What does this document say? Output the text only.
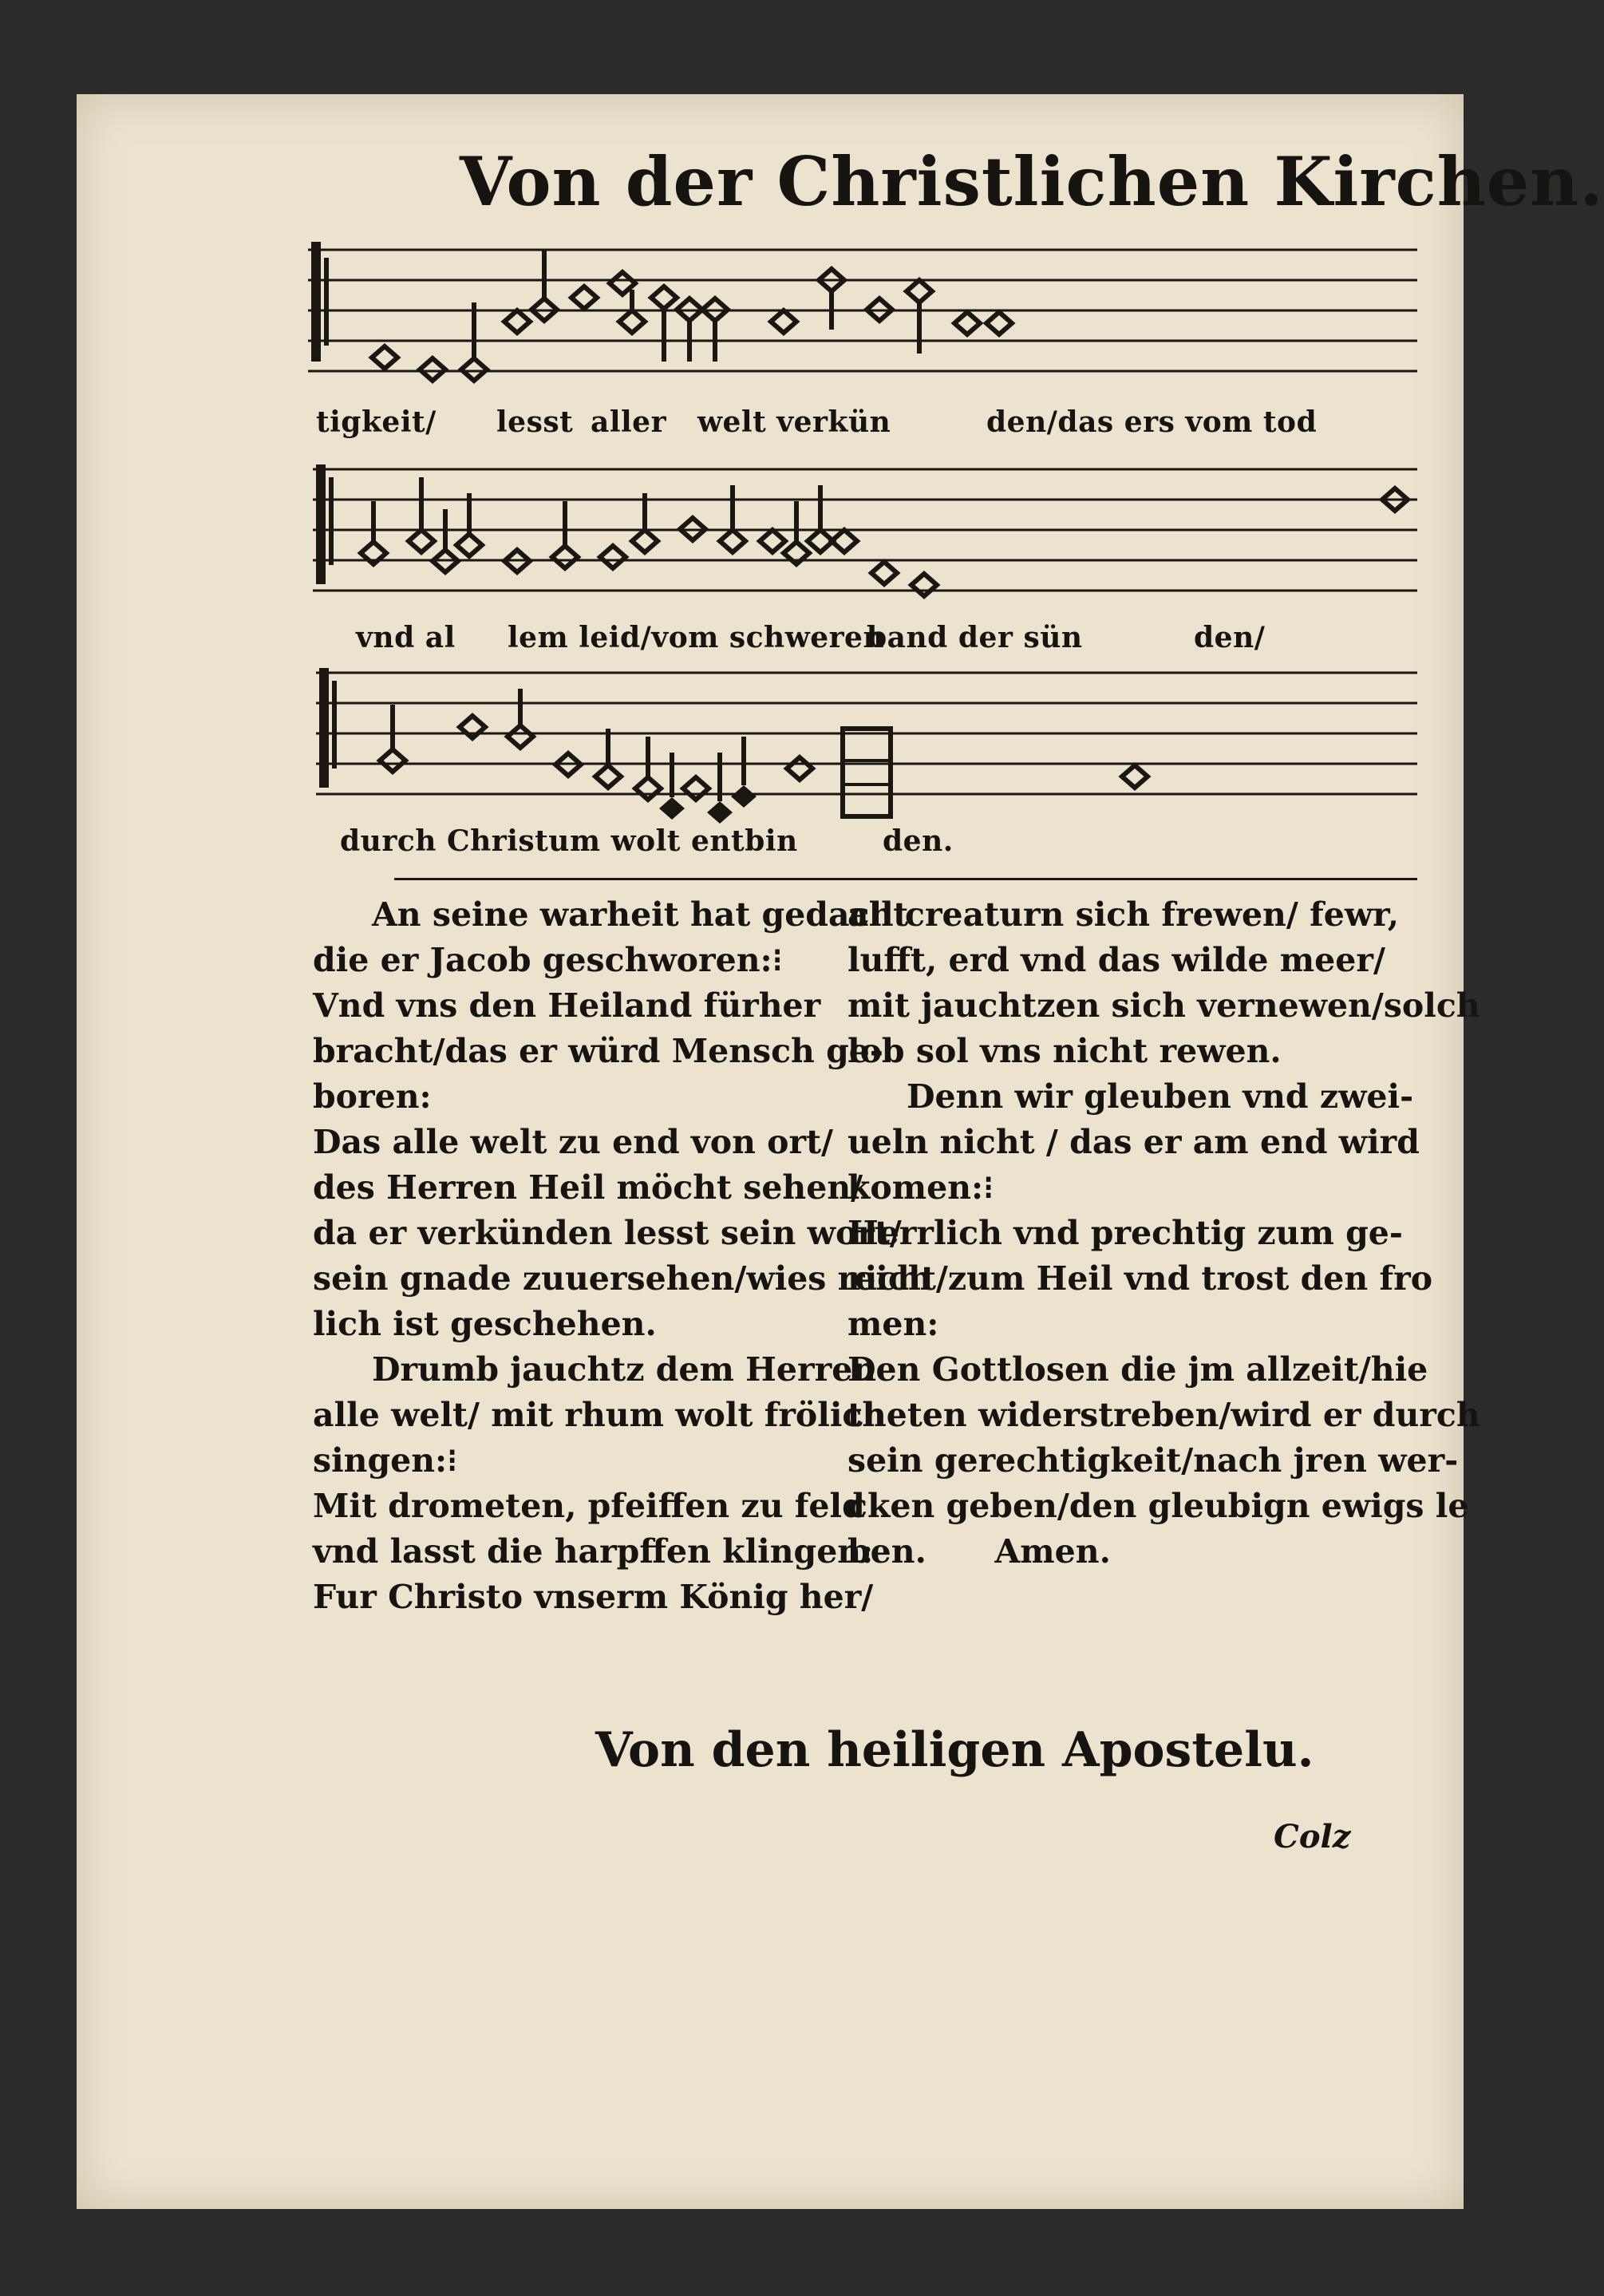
Von der Christlichen Kirchen.
tigkeit/ lesst aller welt verkün	den/das ers vom tod
vnd al lem leid/vom schweren
band der sün	den/
durch Christum wolt entbin	den.
An seine warheit hat gedacht
die er Jacob geschworen:⁝
Vnd vns den Heiland fürher
bracht/das er würd Mensch ge-
boren:
Das alle welt zu end von ort/
des Herren Heil möcht sehen/
da er verkünden lesst sein wort/
sein gnade zuuersehen/wies reich
lich ist geschehen.
Drumb jauchtz dem Herren
alle welt/ mit rhum wolt frölich
singen:⁝
Mit drometen, pfeiffen zu feld
vnd lasst die harpffen klingen:
Fur Christo vnserm König her/
all creaturn sich frewen/ fewr,
lufft, erd vnd das wilde meer/
mit jauchtzen sich vernewen/solch
lob sol vns nicht rewen.
Denn wir gleuben vnd zwei-
ueln nicht / das er am end wird
komen:⁝
Herrlich vnd prechtig zum ge-
richt/zum Heil vnd trost den fro
men:
Den Gottlosen die jm allzeit/hie
theten widerstreben/wird er durch
sein gerechtigkeit/nach jren wer-
cken geben/den gleubign ewigs le
ben.      Amen.
Von den heiligen Apostelu.
Colz
